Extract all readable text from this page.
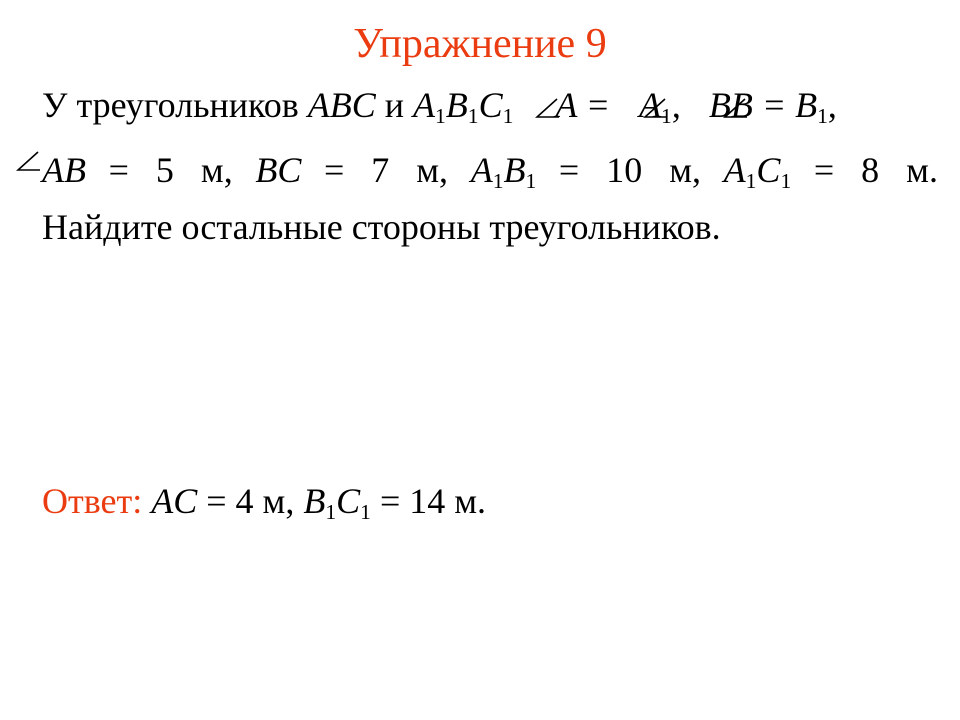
Упражнение 9
У треугольников ABC и $A_1B_1C_1$ A = A
$_1$, B
$B = B_1$,
AB = 5 м, BC = 7 м, $A_1B_1 = 10$ м, $A_1C_1 = 8$ м.
Найдите остальные стороны треугольников.
Ответ: AC = 4 м, $B_1C_1 = 14$ м.
